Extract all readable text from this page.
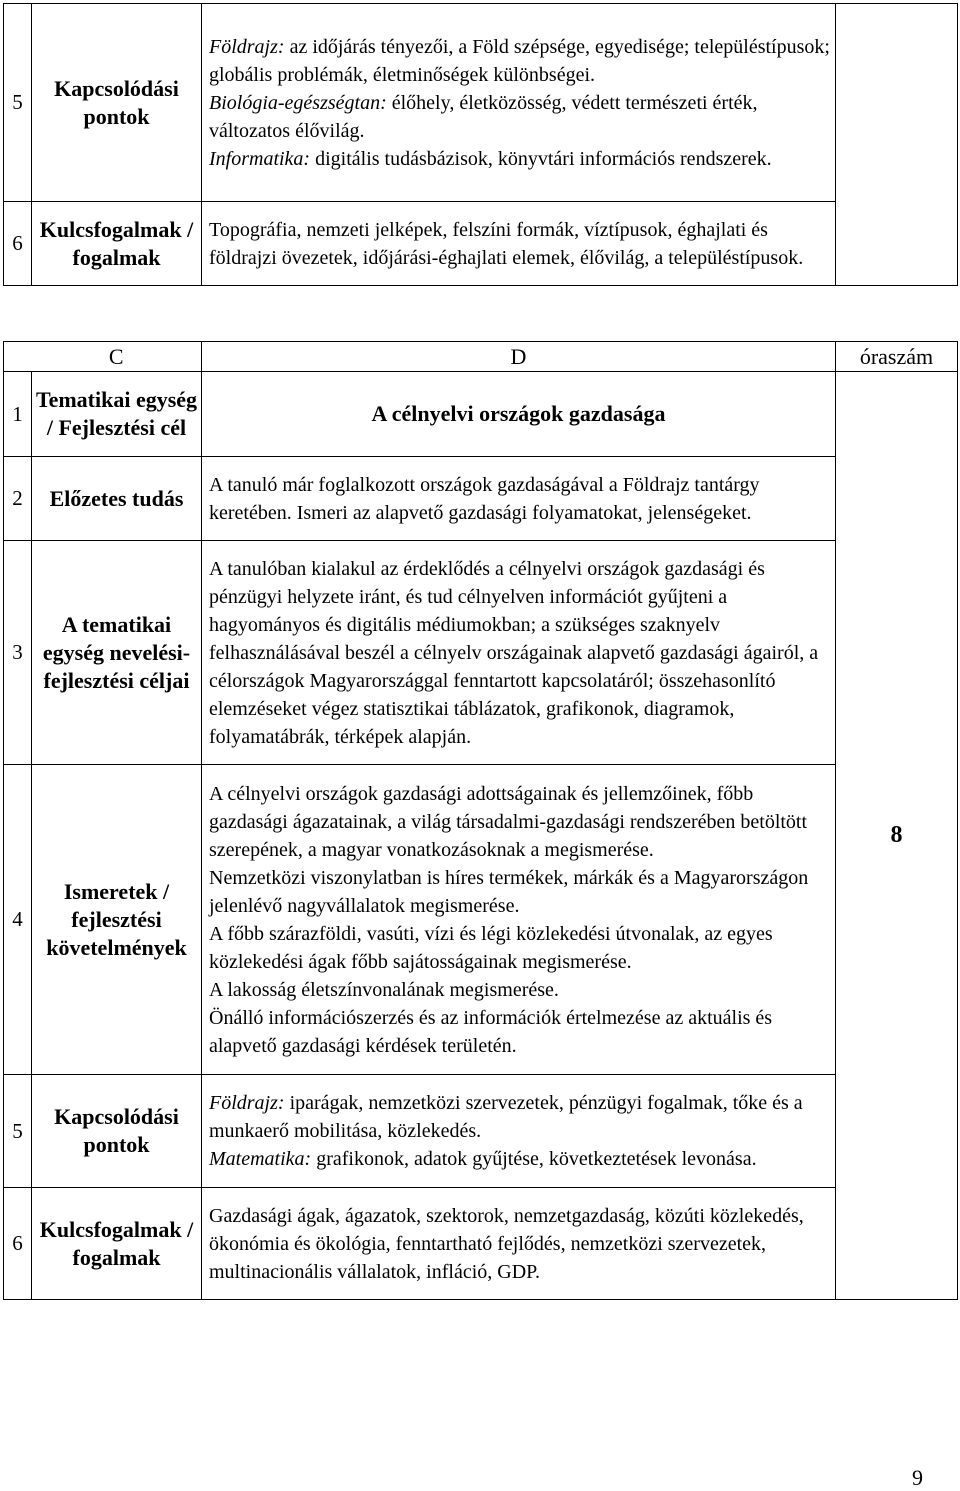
5	Kapcsolódási pontok	Földrajz: az időjárás tényezői, a Föld szépsége, egyedisége; településtípusok; globális problémák, életminőségek különbségei.

Biológia-egészségtan: élőhely, életközösség, védett természeti érték, változatos élővilág.

Informatika: digitális tudásbázisok, könyvtári információs rendszerek.	

6	Kulcsfogalmak / fogalmak	Topográfia, nemzeti jelképek, felszíni formák, víztípusok, éghajlati és földrajzi övezetek, időjárási-éghajlati elemek, élővilág, a településtípusok.	
	C	D	óraszám
1	Tematikai egység / Fejlesztési cél	A célnyelvi országok gazdasága	8
2	Előzetes tudás	A tanuló már foglalkozott országok gazdaságával a Földrajz tantárgy keretében. Ismeri az alapvető gazdasági folyamatokat, jelenségeket.	
3	A tematikai egység nevelési-fejlesztési céljai	A tanulóban kialakul az érdeklődés a célnyelvi országok gazdasági és pénzügyi helyzete iránt, és tud célnyelven információt gyűjteni a hagyományos és digitális médiumokban; a szükséges szaknyelv felhasználásával beszél a célnyelv országainak alapvető gazdasági ágairól, a célországok Magyarországgal fenntartott kapcsolatáról; összehasonlító elemzéseket végez statisztikai táblázatok, grafikonok, diagramok, folyamatábrák, térképek alapján.	
4	Ismeretek / fejlesztési követelmények	A célnyelvi országok gazdasági adottságainak és jellemzőinek, főbb gazdasági ágazatainak, a világ társadalmi-gazdasági rendszerében betöltött szerepének, a magyar vonatkozásoknak a megismerése.

Nemzetközi viszonylatban is híres termékek, márkák és a Magyarországon jelenlévő nagyvállalatok megismerése.

A főbb szárazföldi, vasúti, vízi és légi közlekedési útvonalak, az egyes közlekedési ágak főbb sajátosságainak megismerése.

A lakosság életszínvonalának megismerése.

Önálló információszerzés és az információk értelmezése az aktuális és alapvető gazdasági kérdések területén.	

5	Kapcsolódási pontok	Földrajz: iparágak, nemzetközi szervezetek, pénzügyi fogalmak, tőke és a munkaerő mobilitása, közlekedés.

Matematika: grafikonok, adatok gyűjtése, következtetések levonása.	

6	Kulcsfogalmak / fogalmak	Gazdasági ágak, ágazatok, szektorok, nemzetgazdaság, közúti közlekedés, ökonómia és ökológia, fenntartható fejlődés, nemzetközi szervezetek, multinacionális vállalatok, infláció, GDP.	
9
